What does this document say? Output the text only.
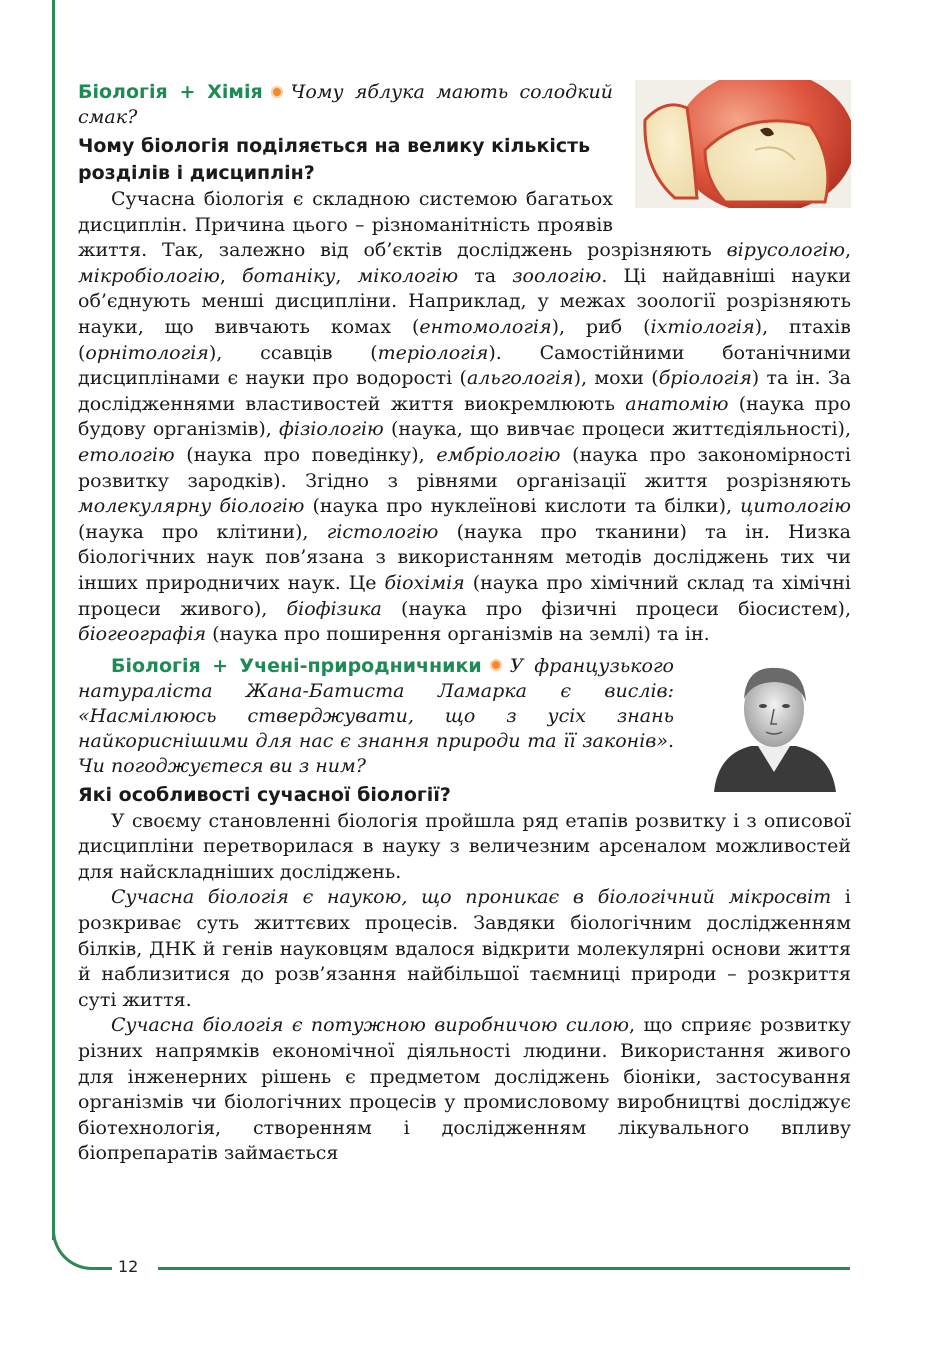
12

Біологія + Хімія Чому яблука мають солодкий смак?

Чому біологія поділяється на велику кількість розділів і дисциплін?

Сучасна біологія є складною системою багатьох дисциплін. Причина цього – різноманітність проявів життя. Так, залежно від об’єктів досліджень розрізняють вірусологію, мікробіологію, ботаніку, мікологію та зоологію. Ці найдавніші науки об’єднують менші дисципліни. Наприклад, у межах зоології розрізняють науки, що вивчають комах (ентомологія), риб (іхтіологія), птахів (орнітологія), ссавців (теріологія). Самостійними ботанічними дисциплінами є науки про водорості (альгологія), мохи (бріологія) та ін. За дослідженнями властивостей життя виокремлюють анатомію (наука про будову організмів), фізіологію (наука, що вивчає процеси життєдіяльності), етологію (наука про поведінку), ембріологію (наука про закономірності розвитку зародків). Згідно з рівнями організації життя розрізняють молекулярну біологію (наука про нуклеїнові кислоти та білки), цитологію (наука про клітини), гістологію (наука про тканини) та ін. Низка біологічних наук пов’язана з використанням методів досліджень тих чи інших природничих наук. Це біохімія (наука про хімічний склад та хімічні процеси живого), біофізика (наука про фізичні процеси біосистем), біогеографія (наука про поширення організмів на землі) та ін.

Біологія + Учені-природничники У французького натураліста Жана-Батиста Ламарка є вислів: «Насмілююсь стверджувати, що з усіх знань найкориснішими для нас є знання природи та її законів». Чи погоджуєтеся ви з ним?

Які особливості сучасної біології?

У своєму становленні біологія пройшла ряд етапів розвитку і з описової дисципліни перетворилася в науку з величезним арсеналом можливостей для найскладніших досліджень.

Сучасна біологія є наукою, що проникає в біологічний мікросвіт і розкриває суть життєвих процесів. Завдяки біологічним дослідженням білків, ДНК й генів науковцям вдалося відкрити молекулярні основи життя й наблизитися до розв’язання найбільшої таємниці природи – розкриття суті життя.

Сучасна біологія є потужною виробничою силою, що сприяє розвитку різних напрямків економічної діяльності людини. Використання живого для інженерних рішень є предметом досліджень біоніки, застосування організмів чи біологічних процесів у промисловому виробництві досліджує біотехнологія, створенням і дослідженням лікувального впливу біопрепаратів займається
